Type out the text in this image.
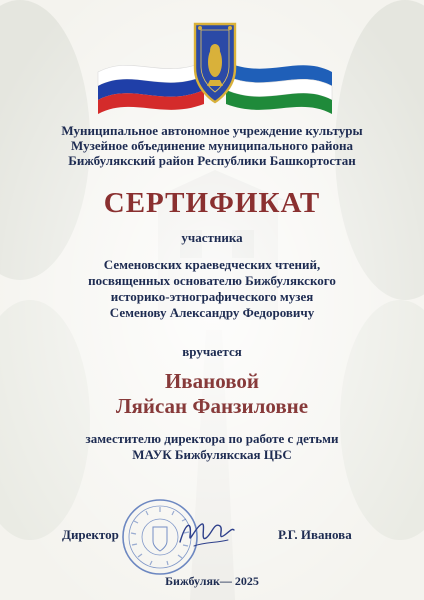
Муниципальное автономное учреждение культуры
Музейное объединение муниципального района
Бижбулякский район Республики Башкортостан
СЕРТИФИКАТ
участника
Семеновских краеведческих чтений,
посвященных основателю Бижбулякского
историко-этнографического музея
Семенову Александру Федоровичу
вручается
Ивановой
Ляйсан Фанзиловне
заместителю директора по работе с детьми
МАУК Бижбулякская ЦБС
Директор	Р.Г. Иванова
Бижбуляк— 2025
